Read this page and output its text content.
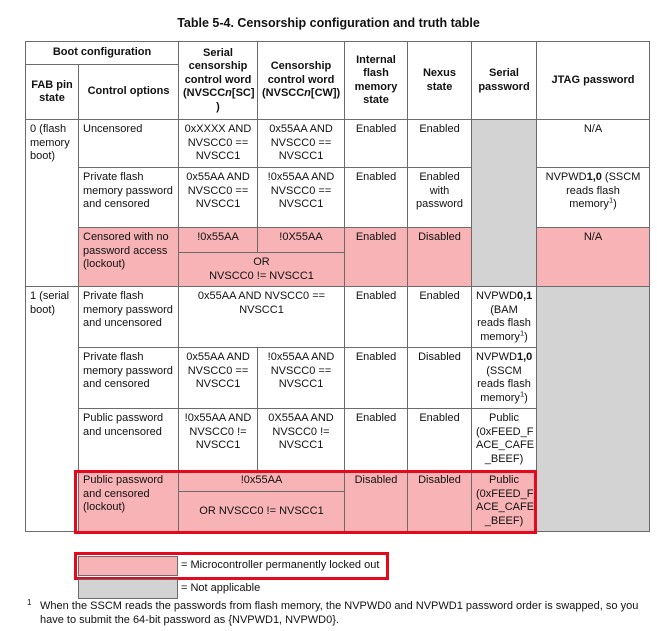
Table 5-4. Censorship configuration and truth table
Boot configuration		Serial censorship control word (NVSCCn[SC]
)	Censorship control word (NVSCCn[CW])	Internal flash memory state	Nexus state	Serial password	JTAG password
FAB pin state	Control options						
0 (flash memory boot)	Uncensored	0xXXXX AND NVSCC0 == NVSCC1	0x55AA AND NVSCC0 == NVSCC1	Enabled	Enabled		N/A
	Private flash memory password and censored	0x55AA AND NVSCC0 == NVSCC1	!0x55AA AND NVSCC0 == NVSCC1	Enabled	Enabled with password		NVPWD1,0 (SSCM reads flash memory$^1$)
	Censored with no password access (lockout)	!0x55AA	!0X55AA	Enabled	Disabled		N/A
		OR
NVSCC0 != NVSCC1					
1 (serial boot)	Private flash memory password and uncensored	0x55AA AND NVSCC0 == NVSCC1		Enabled	Enabled	NVPWD0,1 (BAM reads flash memory$^1$)	
	Private flash memory password and censored	0x55AA AND NVSCC0 == NVSCC1	!0x55AA AND NVSCC0 == NVSCC1	Enabled	Disabled	NVPWD1,0 (SSCM reads flash memory$^1$)	
	Public password and uncensored	!0x55AA AND NVSCC0 != NVSCC1	0X55AA AND NVSCC0 != NVSCC1	Enabled	Enabled	Public (0xFEED_F ACE_CAFE _BEEF)	
	Public password and censored (lockout)	!0x55AA		Disabled	Disabled	Public (0xFEED_F ACE_CAFE _BEEF)	
		OR NVSCC0 != NVSCC1					
= Microcontroller permanently locked out
= Not applicable
1 When the SSCM reads the passwords from flash memory, the NVPWD0 and NVPWD1 password order is swapped, so you have to submit the 64-bit password as {NVPWD1, NVPWD0}.
